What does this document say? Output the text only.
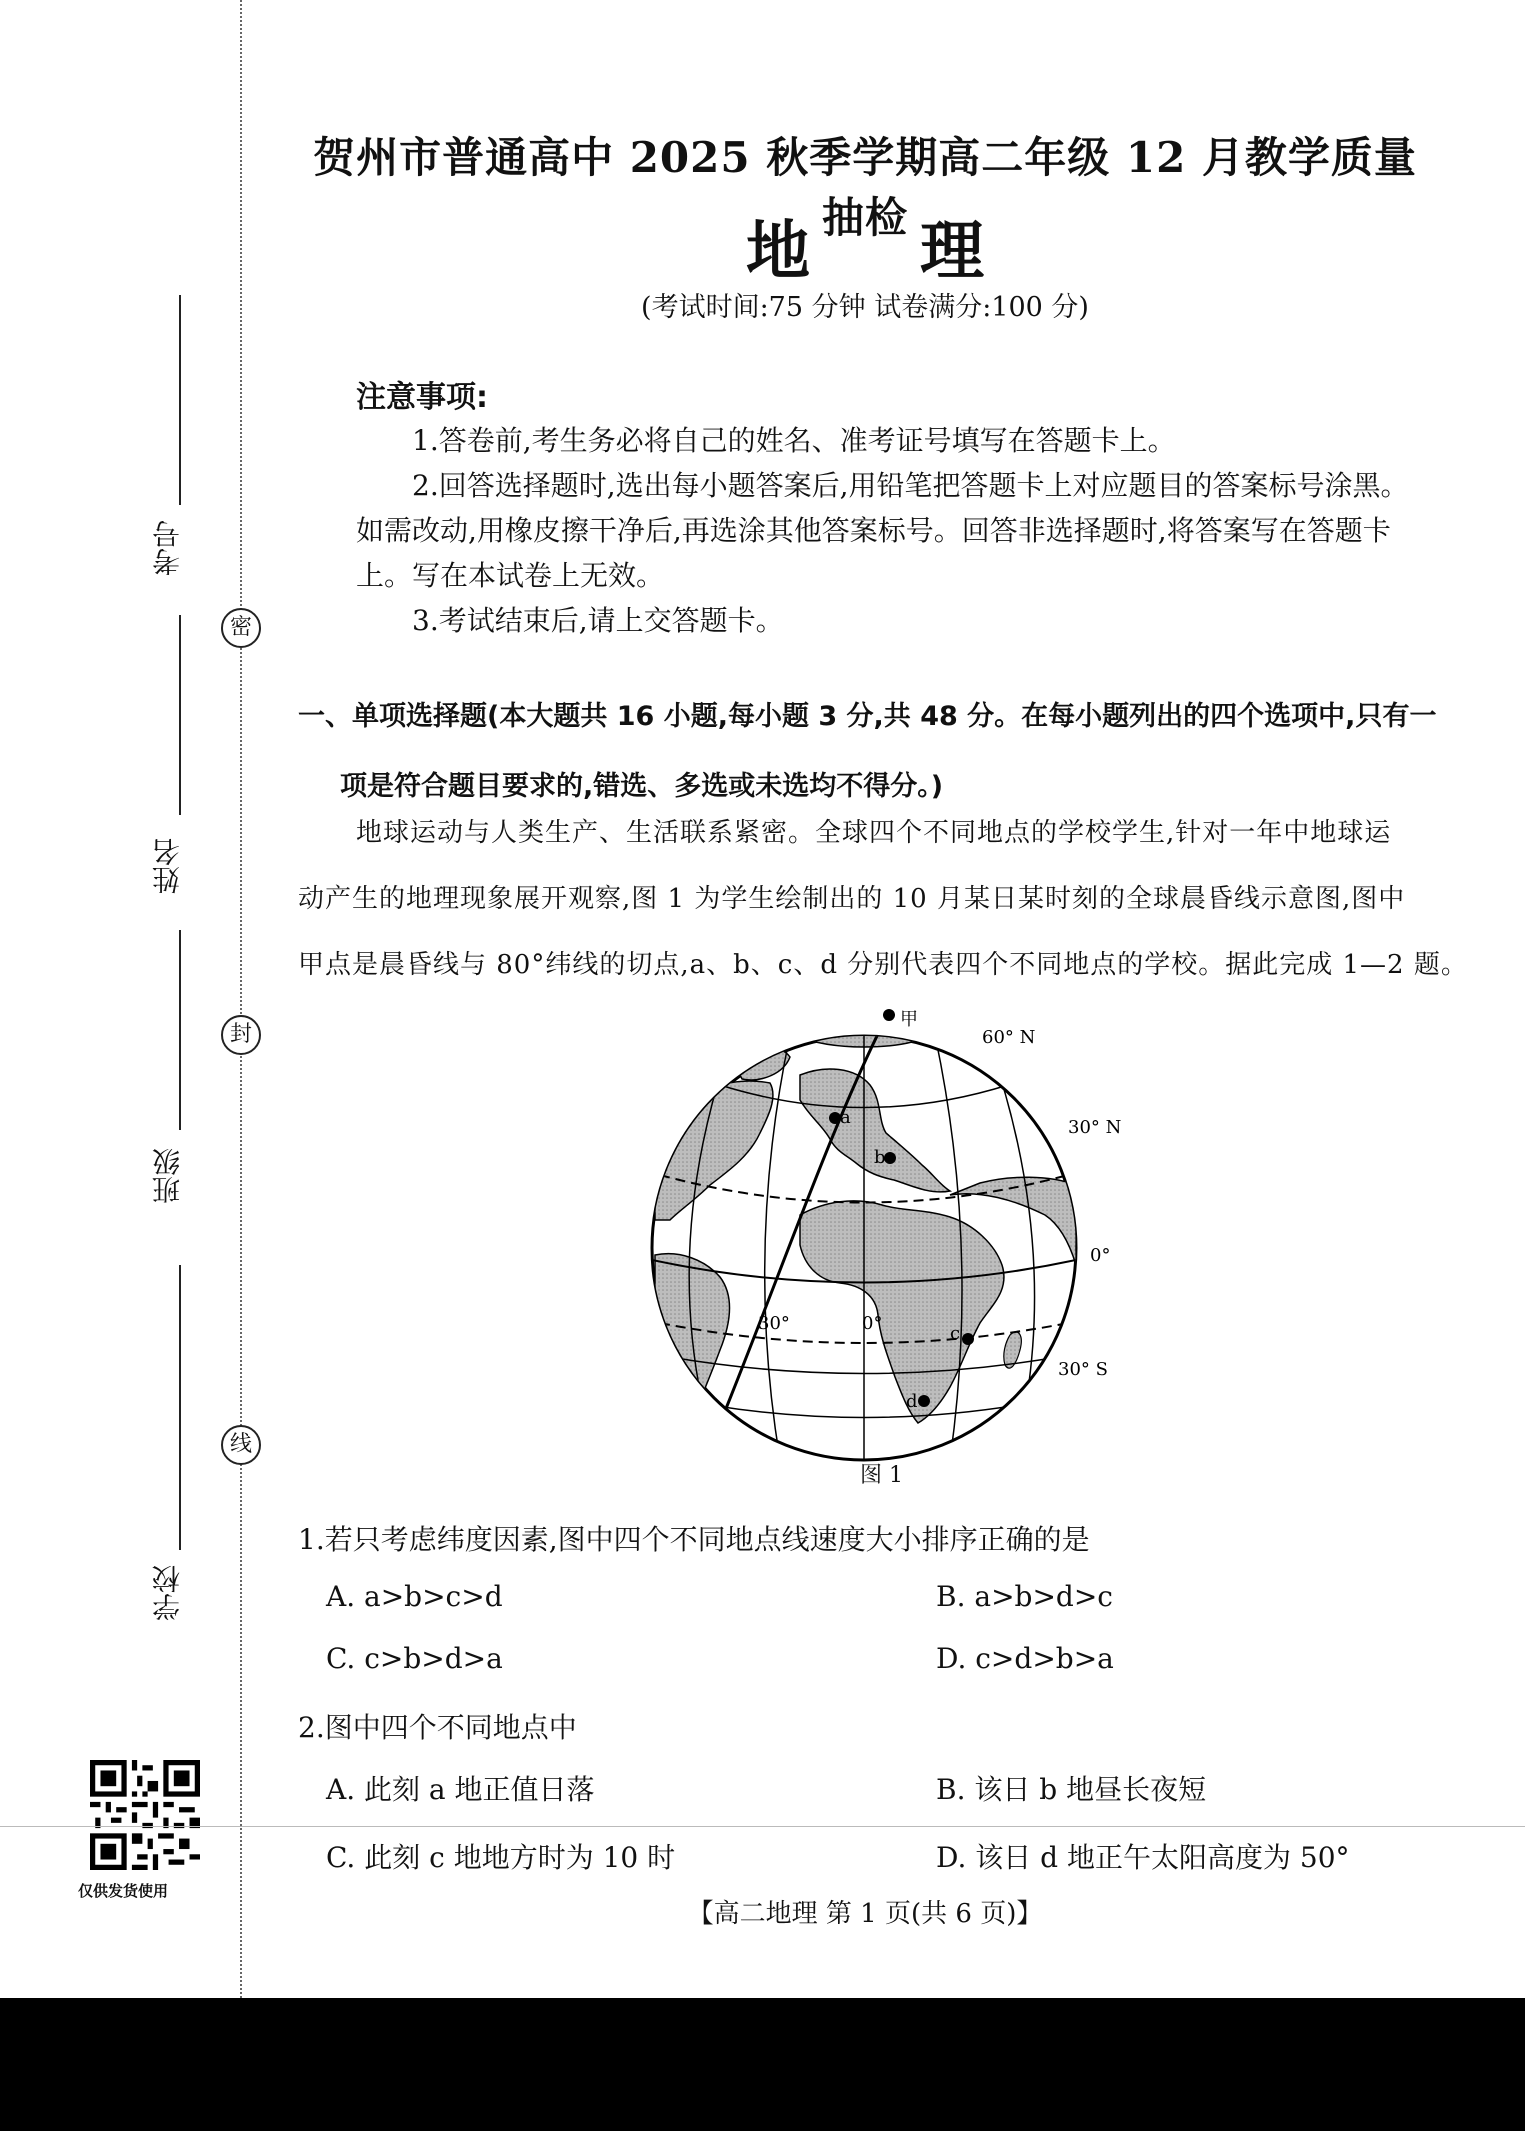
密
封
线
考号
姓名
班级
学校
仅供发货使用
贺州市普通高中 2025 秋季学期高二年级 12 月教学质量抽检
地 理
(考试时间:75 分钟 试卷满分:100 分)
注意事项:

1.答卷前,考生务必将自己的姓名、准考证号填写在答题卡上。

2.回答选择题时,选出每小题答案后,用铅笔把答题卡上对应题目的答案标号涂黑。如需改动,用橡皮擦干净后,再选涂其他答案标号。回答非选择题时,将答案写在答题卡上。写在本试卷上无效。

3.考试结束后,请上交答题卡。

一、单项选择题(本大题共 16 小题,每小题 3 分,共 48 分。在每小题列出的四个选项中,只有一
项是符合题目要求的,错选、多选或未选均不得分。)
地球运动与人类生产、生活联系紧密。全球四个不同地点的学校学生,针对一年中地球运
动产生的地理现象展开观察,图 1 为学生绘制出的 10 月某日某时刻的全球晨昏线示意图,图中
甲点是晨昏线与 80°纬线的切点,a、b、c、d 分别代表四个不同地点的学校。据此完成 1—2 题。
甲
60° N
30° N
0°
30° S
30°	0°
a
b
c
d
图 1
1.若只考虑纬度因素,图中四个不同地点线速度大小排序正确的是
A. a>b>c>d	B. a>b>d>c
C. c>b>d>a	D. c>d>b>a
2.图中四个不同地点中
A. 此刻 a 地正值日落	B. 该日 b 地昼长夜短
C. 此刻 c 地地方时为 10 时	D. 该日 d 地正午太阳高度为 50°
【高二地理 第 1 页(共 6 页)】
